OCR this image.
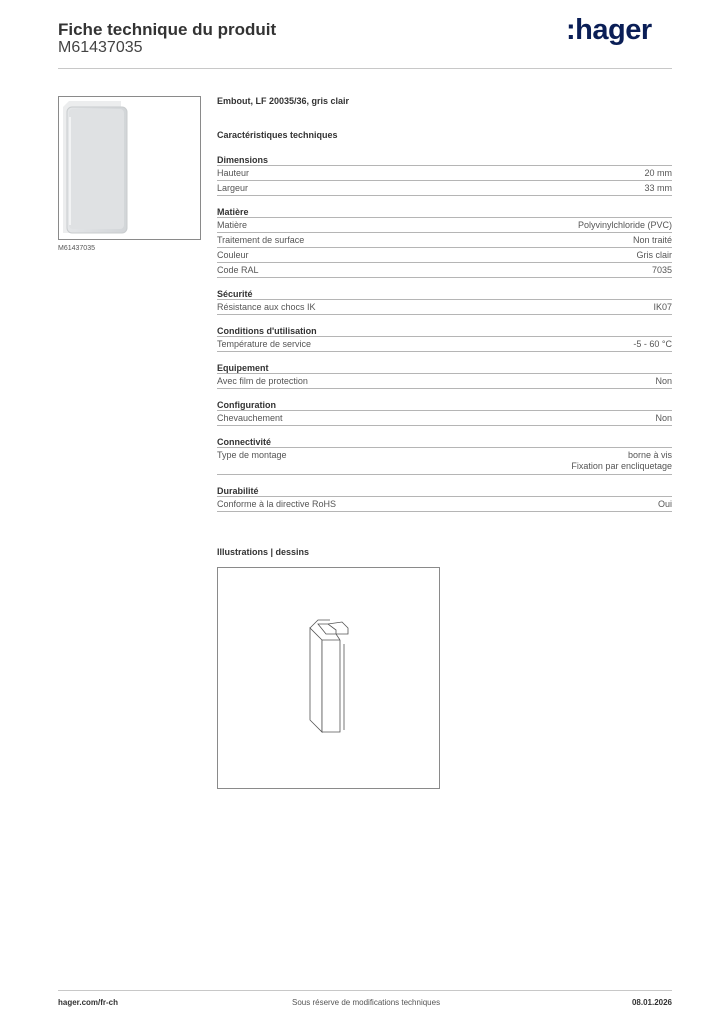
Fiche technique du produit
M61437035
:hager
M61437035
Embout, LF 20035/36, gris clair
Caractéristiques techniques
Dimensions
Hauteur	20 mm
Largeur	33 mm
Matière
Matière	Polyvinylchloride (PVC)
Traitement de surface	Non traité
Couleur	Gris clair
Code RAL	7035
Sécurité
Résistance aux chocs IK	IK07
Conditions d'utilisation
Température de service	-5 - 60 °C
Equipement
Avec film de protection	Non
Configuration
Chevauchement	Non
Connectivité
Type de montage	borne à vis
Fixation par encliquetage
Durabilité
Conforme à la directive RoHS	Oui
Illustrations | dessins
hager.com/fr-ch	Sous réserve de modifications techniques	08.01.2026
